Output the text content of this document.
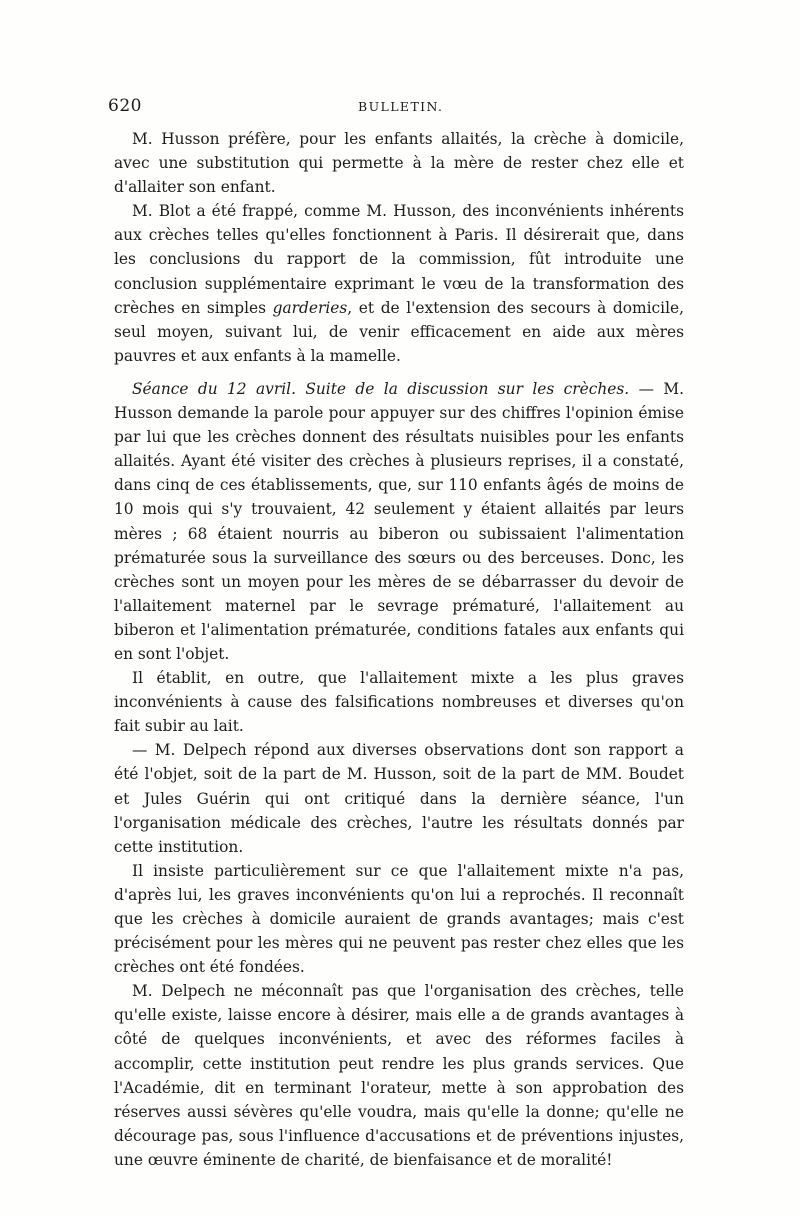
620	BULLETIN.

M. Husson préfère, pour les enfants allaités, la crèche à domicile, avec une substitution qui permette à la mère de rester chez elle et d'allaiter son enfant.

M. Blot a été frappé, comme M. Husson, des inconvénients inhérents aux crèches telles qu'elles fonctionnent à Paris. Il désirerait que, dans les conclusions du rapport de la commission, fût introduite une conclusion supplémentaire exprimant le vœu de la transformation des crèches en simples garderies, et de l'extension des secours à domicile, seul moyen, suivant lui, de venir efficacement en aide aux mères pauvres et aux enfants à la mamelle.

Séance du 12 avril. Suite de la discussion sur les crèches. — M. Husson demande la parole pour appuyer sur des chiffres l'opinion émise par lui que les crèches donnent des résultats nuisibles pour les enfants allaités. Ayant été visiter des crèches à plusieurs reprises, il a constaté, dans cinq de ces établissements, que, sur 110 enfants âgés de moins de 10 mois qui s'y trouvaient, 42 seulement y étaient allaités par leurs mères ; 68 étaient nourris au biberon ou subissaient l'alimentation prématurée sous la surveillance des sœurs ou des berceuses. Donc, les crèches sont un moyen pour les mères de se débarrasser du devoir de l'allaitement maternel par le sevrage prématuré, l'allaitement au biberon et l'alimentation prématurée, conditions fatales aux enfants qui en sont l'objet.

Il établit, en outre, que l'allaitement mixte a les plus graves inconvénients à cause des falsifications nombreuses et diverses qu'on fait subir au lait.

— M. Delpech répond aux diverses observations dont son rapport a été l'objet, soit de la part de M. Husson, soit de la part de MM. Boudet et Jules Guérin qui ont critiqué dans la dernière séance, l'un l'organisation médicale des crèches, l'autre les résultats donnés par cette institution.

Il insiste particulièrement sur ce que l'allaitement mixte n'a pas, d'après lui, les graves inconvénients qu'on lui a reprochés. Il reconnaît que les crèches à domicile auraient de grands avantages; mais c'est précisément pour les mères qui ne peuvent pas rester chez elles que les crèches ont été fondées.

M. Delpech ne méconnaît pas que l'organisation des crèches, telle qu'elle existe, laisse encore à désirer, mais elle a de grands avantages à côté de quelques inconvénients, et avec des réformes faciles à accomplir, cette institution peut rendre les plus grands services. Que l'Académie, dit en terminant l'orateur, mette à son approbation des réserves aussi sévères qu'elle voudra, mais qu'elle la donne; qu'elle ne décourage pas, sous l'influence d'accusations et de préventions injustes, une œuvre éminente de charité, de bienfaisance et de moralité!
